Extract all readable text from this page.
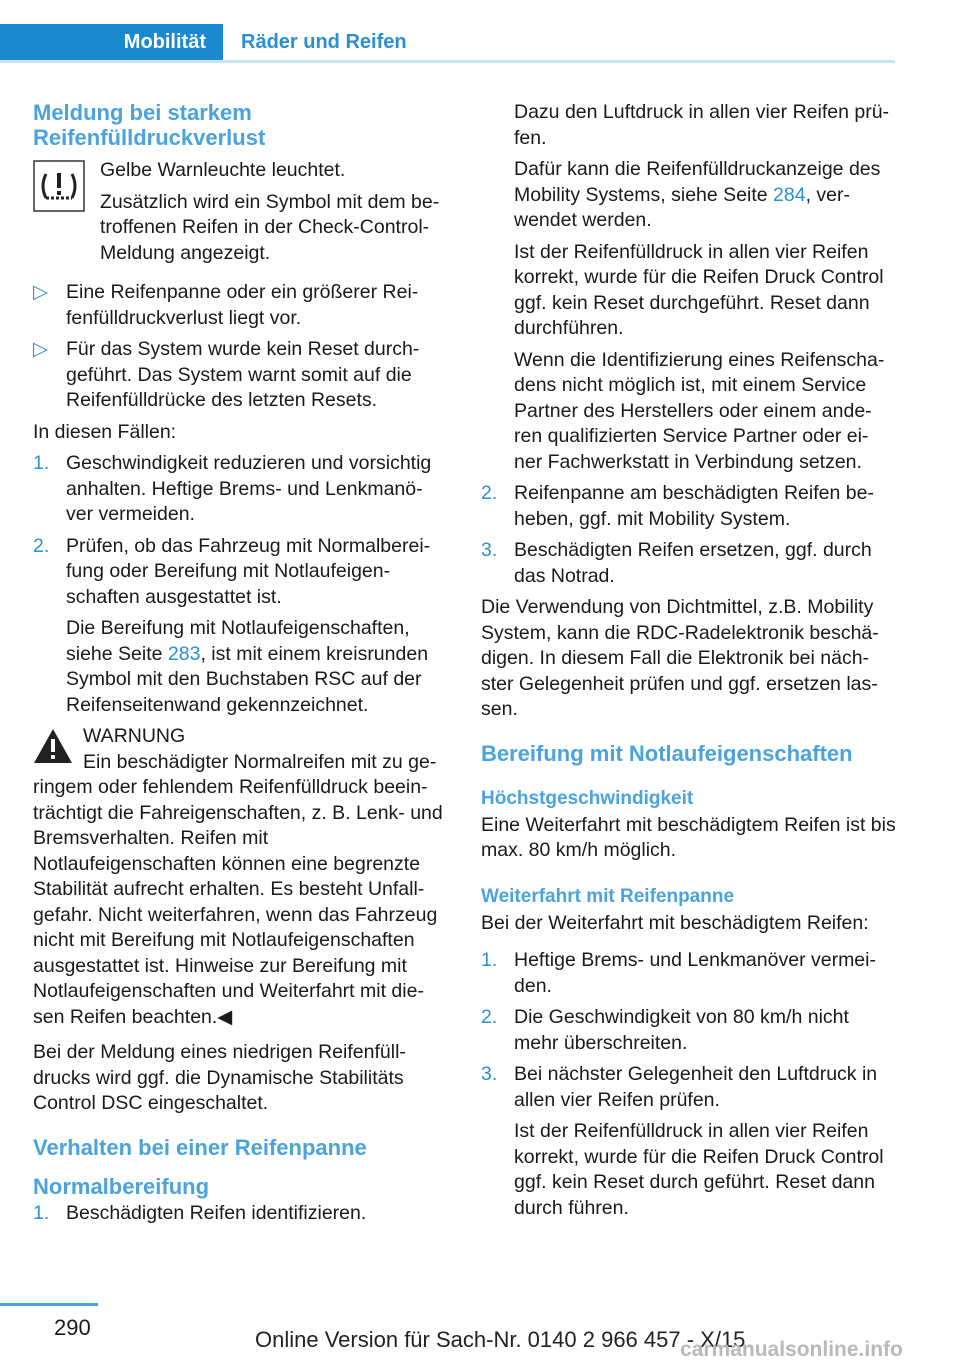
Mobilität	Räder und Reifen

Meldung bei starkem Reifenfülldruckverlust

Gelbe Warnleuchte leuchtet.

Zusätzlich wird ein Symbol mit dem be‐troffenen Reifen in der Check-Control-Meldung angezeigt.

▷ Eine Reifenpanne oder ein größerer Rei‐fenfülldruckverlust liegt vor.
▷ Für das System wurde kein Reset durch‐geführt. Das System warnt somit auf die Reifenfülldrücke des letzten Resets.

In diesen Fällen:

1. Geschwindigkeit reduzieren und vorsichtig anhalten. Heftige Brems- und Lenkmanö‐ver vermeiden.
2. Prüfen, ob das Fahrzeug mit Normalberei‐fung oder Bereifung mit Notlaufeigen‐schaften ausgestattet ist.

Die Bereifung mit Notlaufeigenschaften, siehe Seite 283, ist mit einem kreisrunden Symbol mit den Buchstaben RSC auf der Reifenseitenwand gekennzeichnet.

WARNUNG

Ein beschädigter Normalreifen mit zu ge‐ringem oder fehlendem Reifenfülldruck beein‐trächtigt die Fahreigenschaften, z. B. Lenk- und Bremsverhalten. Reifen mit Notlaufeigenschaften können eine begrenzte Stabilität aufrecht erhalten. Es besteht Unfall‐gefahr. Nicht weiterfahren, wenn das Fahrzeug nicht mit Bereifung mit Notlaufeigenschaften ausgestattet ist. Hinweise zur Bereifung mit Notlaufeigenschaften und Weiterfahrt mit die‐sen Reifen beachten.◀

Bei der Meldung eines niedrigen Reifenfüll‐drucks wird ggf. die Dynamische Stabilitäts Control DSC eingeschaltet.

Verhalten bei einer Reifenpanne

Normalbereifung

1. Beschädigten Reifen identifizieren.

Dazu den Luftdruck in allen vier Reifen prü‐fen.

Dafür kann die Reifenfülldruckanzeige des Mobility Systems, siehe Seite 284, ver‐wendet werden.

Ist der Reifenfülldruck in allen vier Reifen korrekt, wurde für die Reifen Druck Control ggf. kein Reset durchgeführt. Reset dann durchführen.

Wenn die Identifizierung eines Reifenscha‐dens nicht möglich ist, mit einem Service Partner des Herstellers oder einem ande‐ren qualifizierten Service Partner oder ei‐ner Fachwerkstatt in Verbindung setzen.

2. Reifenpanne am beschädigten Reifen be‐heben, ggf. mit Mobility System.
3. Beschädigten Reifen ersetzen, ggf. durch das Notrad.

Die Verwendung von Dichtmittel, z.B. Mobility System, kann die RDC-Radelektronik beschä‐digen. In diesem Fall die Elektronik bei näch‐ster Gelegenheit prüfen und ggf. ersetzen las‐sen.

Bereifung mit Notlaufeigenschaften

Höchstgeschwindigkeit

Eine Weiterfahrt mit beschädigtem Reifen ist bis max. 80 km/h möglich.

Weiterfahrt mit Reifenpanne

Bei der Weiterfahrt mit beschädigtem Reifen:

1. Heftige Brems- und Lenkmanöver vermei‐den.
2. Die Geschwindigkeit von 80 km/h nicht mehr überschreiten.
3. Bei nächster Gelegenheit den Luftdruck in allen vier Reifen prüfen.

Ist der Reifenfülldruck in allen vier Reifen korrekt, wurde für die Reifen Druck Control ggf. kein Reset durch geführt. Reset dann durch führen.

290	Online Version für Sach-Nr. 0140 2 966 457 - X/15
carmanualsonline.info
